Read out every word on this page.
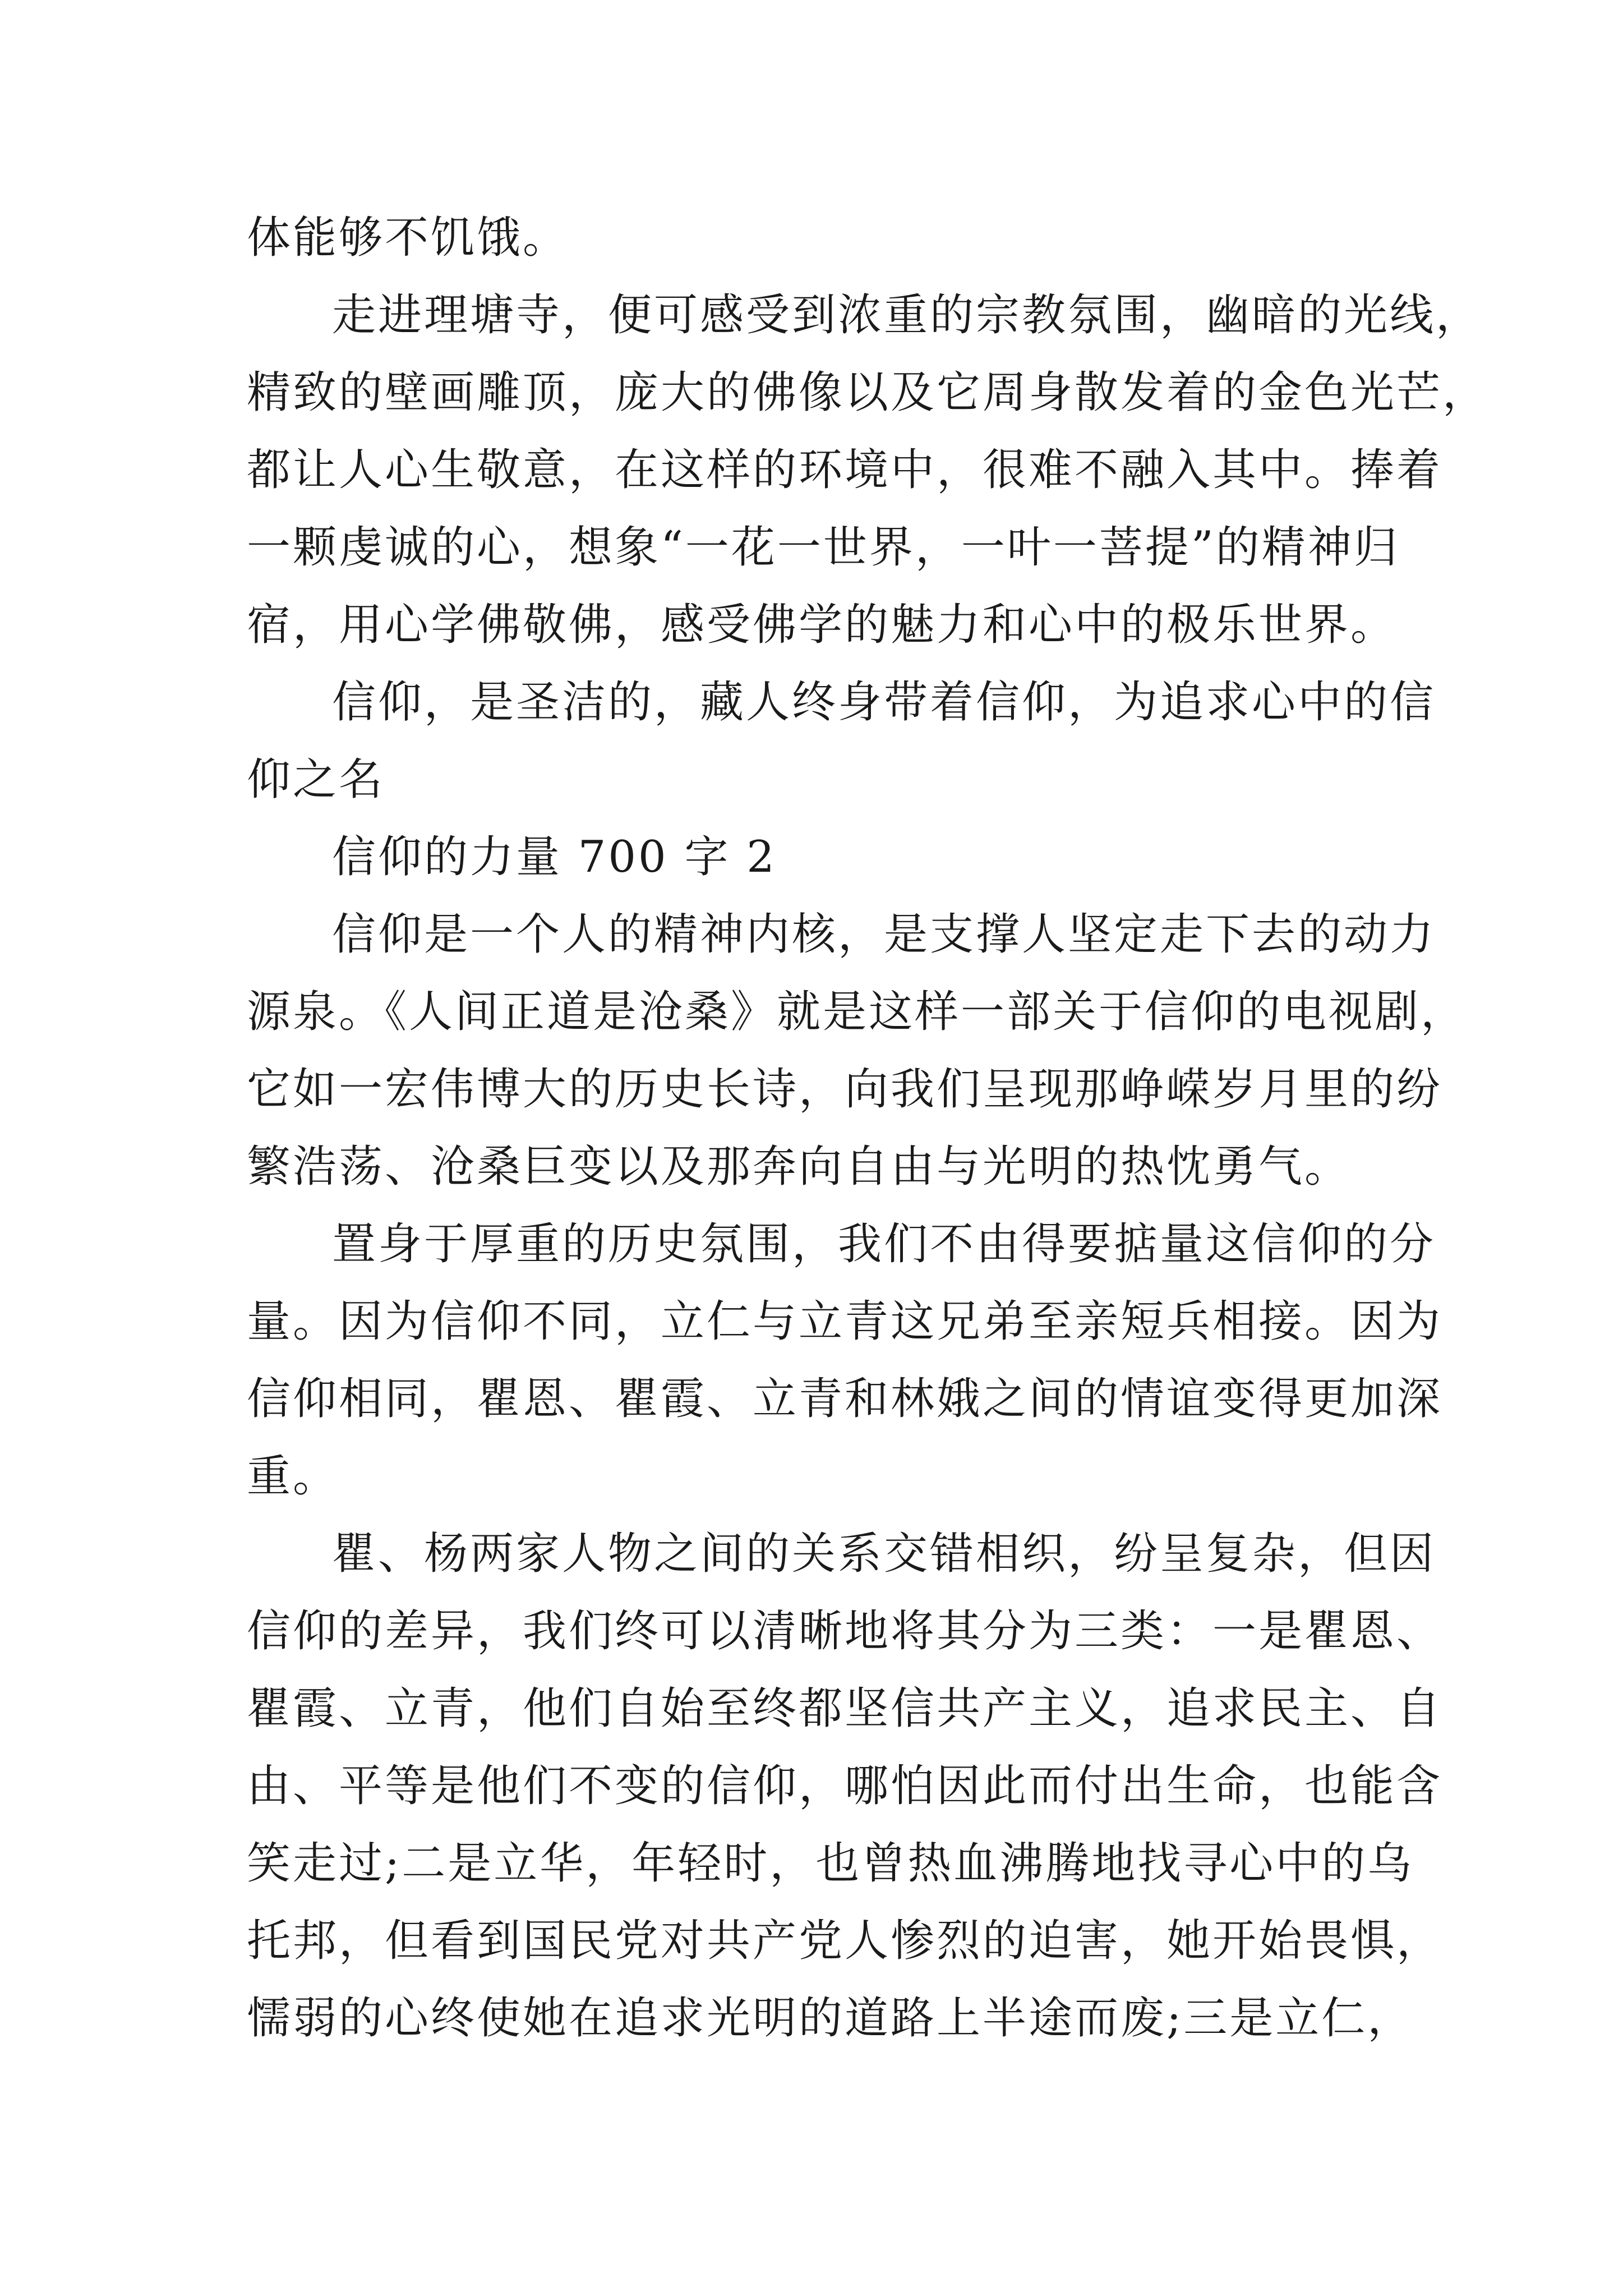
体能够不饥饿。

走进理塘寺，便可感受到浓重的宗教氛围，幽暗的光线，
精致的壁画雕顶，庞大的佛像以及它周身散发着的金色光芒，
都让人心生敬意，在这样的环境中，很难不融入其中。捧着
一颗虔诚的心，想象“一花一世界，一叶一菩提”的精神归
宿，用心学佛敬佛，感受佛学的魅力和心中的极乐世界。

信仰，是圣洁的，藏人终身带着信仰，为追求心中的信
仰之名

信仰的力量 700 字 2

信仰是一个人的精神内核，是支撑人坚定走下去的动力
源泉。《人间正道是沧桑》就是这样一部关于信仰的电视剧，
它如一宏伟博大的历史长诗，向我们呈现那峥嵘岁月里的纷
繁浩荡、沧桑巨变以及那奔向自由与光明的热忱勇气。

置身于厚重的历史氛围，我们不由得要掂量这信仰的分
量。因为信仰不同，立仁与立青这兄弟至亲短兵相接。因为
信仰相同，瞿恩、瞿霞、立青和林娥之间的情谊变得更加深
重。

瞿、杨两家人物之间的关系交错相织，纷呈复杂，但因
信仰的差异，我们终可以清晰地将其分为三类：一是瞿恩、
瞿霞、立青，他们自始至终都坚信共产主义，追求民主、自
由、平等是他们不变的信仰，哪怕因此而付出生命，也能含
笑走过;二是立华，年轻时，也曾热血沸腾地找寻心中的乌
托邦，但看到国民党对共产党人惨烈的迫害，她开始畏惧，
懦弱的心终使她在追求光明的道路上半途而废;三是立仁，
